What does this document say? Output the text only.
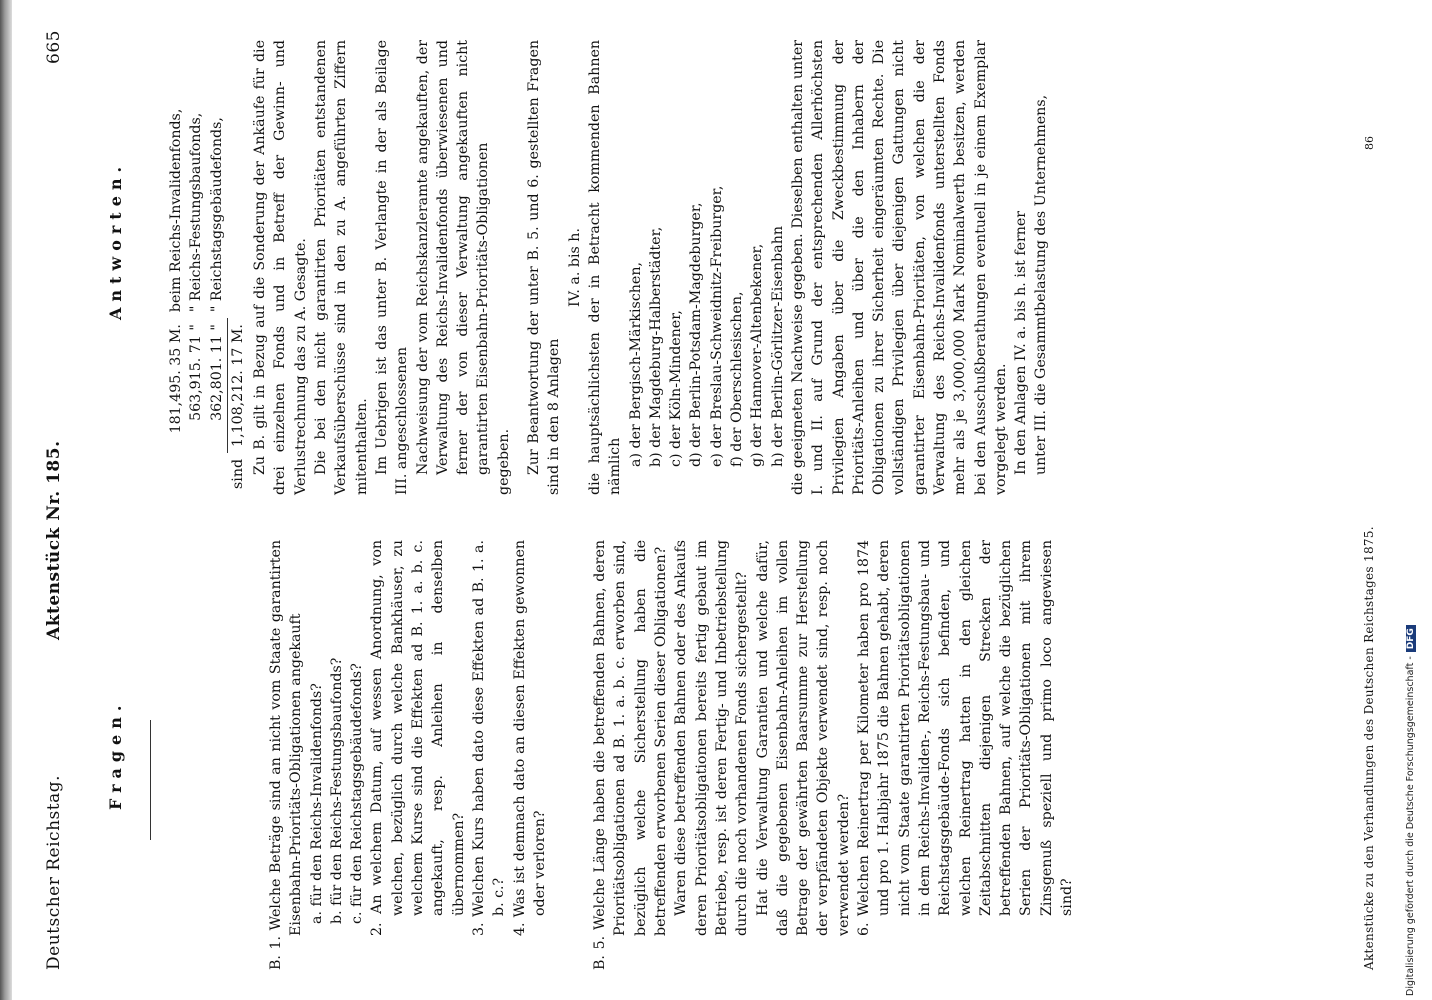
Deutscher Reichstag.
Aktenstück Nr. 185.
665
Fragen.	B. 1. Welche Beträge sind an nicht vom Staate garantirten Eisenbahn-Prioritäts-Obligationen angekauft a. für den Reichs-Invalidenfonds? b. für den Reichs-Festungsbaufonds? c. für den Reichstagsgebäudefonds? 2. An welchem Datum, auf wessen Anordnung, von welchen, bezüglich durch welche Bankhäuser, zu welchem Kurse sind die Effekten ad B. 1. a. b. c. angekauft, resp. Anleihen in denselben übernommen? 3. Welchen Kurs haben dato diese Effekten ad B. 1. a. b. c.? 4. Was ist demnach dato an diesen Effekten gewonnen oder verloren?	B. 5. Welche Länge haben die betreffenden Bahnen, deren Prioritätsobligationen ad B. 1. a. b. c. erworben sind, bezüglich welche Sicherstellung haben die betreffenden erworbenen Serien dieser Obligationen? Waren diese betreffenden Bahnen oder des Ankaufs deren Prioritätsobligationen bereits fertig gebaut im Betriebe, resp. ist deren Fertig- und Inbetriebstellung durch die noch vorhandenen Fonds sichergestellt? Hat die Verwaltung Garantien und welche dafür, daß die gegebenen Eisenbahn-Anleihen im vollen Betrage der gewährten Baarsumme zur Herstellung der verpfändeten Objekte verwendet sind, resp. noch verwendet werden? 6. Welchen Reinertrag per Kilometer haben pro 1874 und pro 1. Halbjahr 1875 die Bahnen gehabt, deren nicht vom Staate garantirten Prioritätsobligationen in dem Reichs-Invaliden-, Reichs-Festungsbau- und Reichstagsgebäude-Fonds sich befinden, und welchen Reinertrag hatten in den gleichen Zeitabschnitten diejenigen Strecken der betreffenden Bahnen, auf welche die bezüglichen Serien der Prioritäts-Obligationen mit ihrem Zinsgenuß speziell und primo loco angewiesen sind?

Antworten.
	181,495. 35 M.	beim Reichs-Invalidenfonds,
	563,915. 71 "	" Reichs-Festungsbaufonds,
	362,801. 11 "	" Reichstagsgebäudefonds,
sind	1,108,212. 17 M.	Zu B. gilt in Bezug auf die Sonderung der Ankäufe für die drei einzelnen Fonds und in Betreff der Gewinn- und Verlustrechnung das zu A. Gesagte. Die bei den nicht garantirten Prioritäten entstandenen Verkaufsüberschüsse sind in den zu A. angeführten Ziffern mitenthalten. Im Uebrigen ist das unter B. Verlangte in der als Beilage III. angeschlossenen Nachweisung der vom Reichskanzleramte angekauften, der Verwaltung des Reichs-Invalidenfonds überwiesenen und ferner der von dieser Verwaltung angekauften nicht garantirten Eisenbahn-Prioritäts-Obligationen gegeben. Zur Beantwortung der unter B. 5. und 6. gestellten Fragen sind in den 8 Anlagen

IV. a. bis h. die hauptsächlichsten der in Betracht kommenden Bahnen nämlich a) der Bergisch-Märkischen, b) der Magdeburg-Halberstädter, c) der Köln-Mindener, d) der Berlin-Potsdam-Magdeburger, e) der Breslau-Schweidnitz-Freiburger, f) der Oberschlesischen, g) der Hannover-Altenbekener, h) der Berlin-Görlitzer-Eisenbahn die geeigneten Nachweise gegeben. Dieselben enthalten unter I. und II. auf Grund der entsprechenden Allerhöchsten Privilegien Angaben über die Zweckbestimmung der Prioritäts-Anleihen und über die den Inhabern der Obligationen zu ihrer Sicherheit eingeräumten Rechte. Die vollständigen Privilegien über diejenigen Gattungen nicht garantirter Eisenbahn-Prioritäten, von welchen die der Verwaltung des Reichs-Invalidenfonds unterstellten Fonds mehr als je 3,000,000 Mark Nominalwerth besitzen, werden bei den Ausschußberathungen eventuell in je einem Exemplar vorgelegt werden. In den Anlagen IV. a. bis h. ist ferner unter III. die Gesammtbelastung des Unternehmens,

Aktenstücke zu den Verhandlungen des Deutschen Reichstages 1875.
86
Digitalisierung gefördert durch die Deutsche Forschungsgemeinschaft -DFG
